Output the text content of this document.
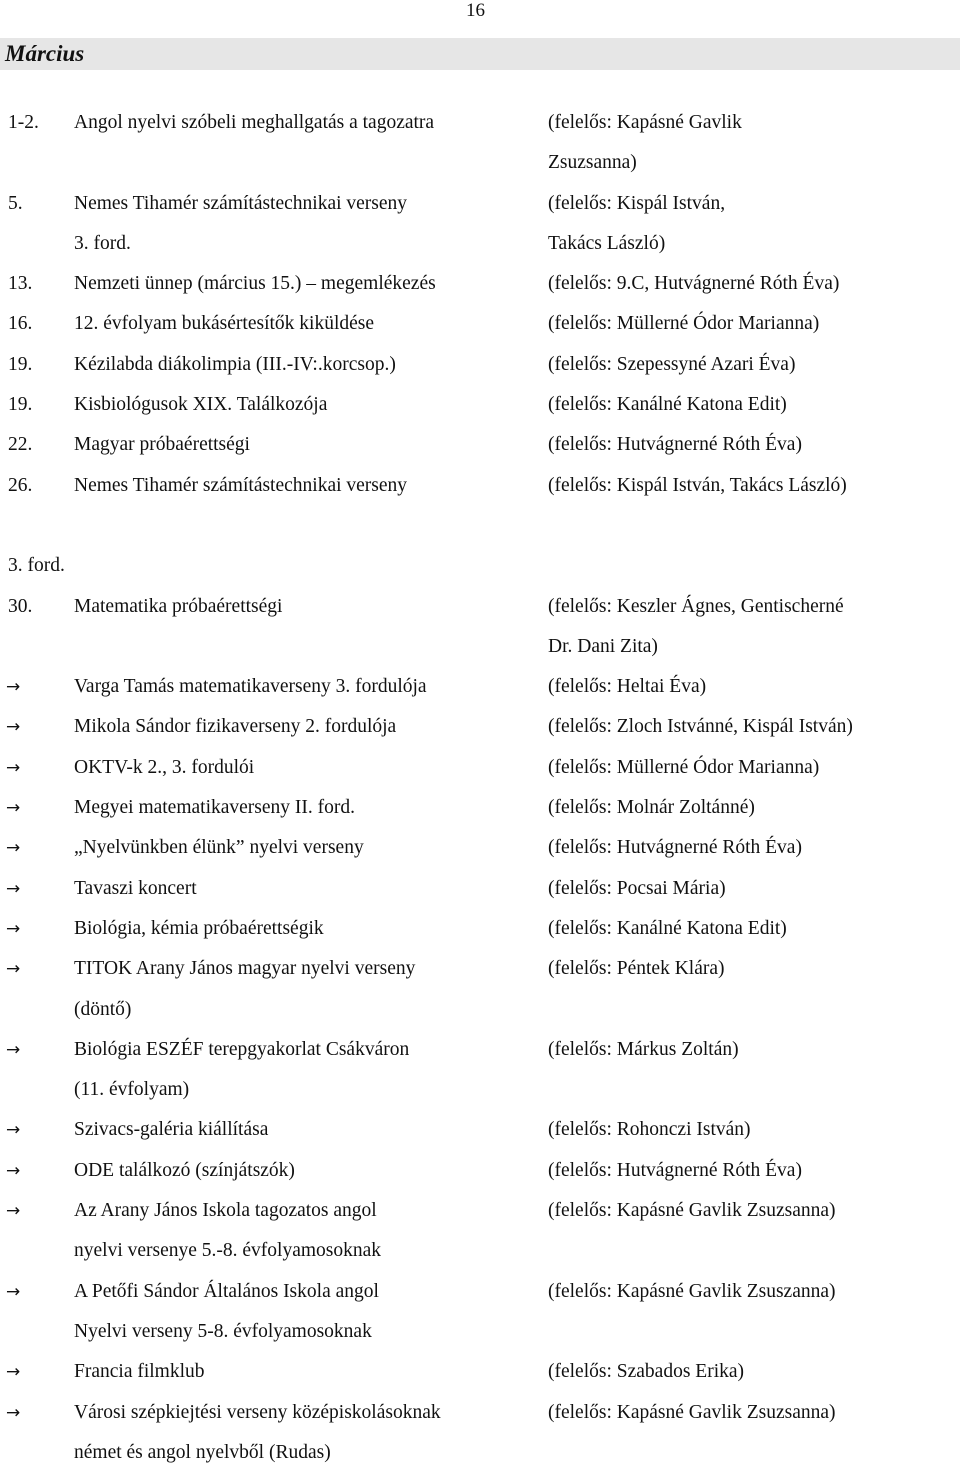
16
Március
1-2. Angol nyelvi szóbeli meghallgatás a tagozatra	(felelős: Kapásné Gavlik
Zsuzsanna)
5.	Nemes Tihamér számítástechnikai verseny	(felelős: Kispál István,
3. ford.	Takács László)
13. Nemzeti ünnep (március 15.) – megemlékezés	(felelős: 9.C, Hutvágnerné Róth Éva)
16. 12. évfolyam bukásértesítők kiküldése	(felelős: Müllerné Ódor Marianna)
19. Kézilabda diákolimpia (III.-IV:.korcsop.)	(felelős: Szepessyné Azari Éva)
19. Kisbiológusok XIX. Találkozója	(felelős: Kanálné Katona Edit)
22. Magyar próbaérettségi	(felelős: Hutvágnerné Róth Éva)
26. Nemes Tihamér számítástechnikai verseny	(felelős: Kispál István, Takács László)
3. ford.
30. Matematika próbaérettségi	(felelős: Keszler Ágnes, Gentischerné
Dr. Dani Zita)
→	Varga Tamás matematikaverseny 3. fordulója	(felelős: Heltai Éva)
→	Mikola Sándor fizikaverseny 2. fordulója	(felelős: Zloch Istvánné, Kispál István)
→	OKTV-k 2., 3. fordulói	(felelős: Müllerné Ódor Marianna)
→	Megyei matematikaverseny II. ford.	(felelős: Molnár Zoltánné)
→	„Nyelvünkben élünk” nyelvi verseny	(felelős: Hutvágnerné Róth Éva)
→	Tavaszi koncert	(felelős: Pocsai Mária)
→	Biológia, kémia próbaérettségik	(felelős: Kanálné Katona Edit)
→	TITOK Arany János magyar nyelvi verseny	(felelős: Péntek Klára)
(döntő)
→	Biológia ESZÉF terepgyakorlat Csákváron	(felelős: Márkus Zoltán)
(11. évfolyam)
→	Szivacs-galéria kiállítása	(felelős: Rohonczi István)
→	ODE találkozó (színjátszók)	(felelős: Hutvágnerné Róth Éva)
→	Az Arany János Iskola tagozatos angol	(felelős: Kapásné Gavlik Zsuzsanna)
nyelvi versenye 5.-8. évfolyamosoknak
→	A Petőfi Sándor Általános Iskola angol	(felelős: Kapásné Gavlik Zsuszanna)
Nyelvi verseny 5-8. évfolyamosoknak
→	Francia filmklub	(felelős: Szabados Erika)
→	Városi szépkiejtési verseny középiskolásoknak	(felelős: Kapásné Gavlik Zsuzsanna)
német és angol nyelvből (Rudas)
